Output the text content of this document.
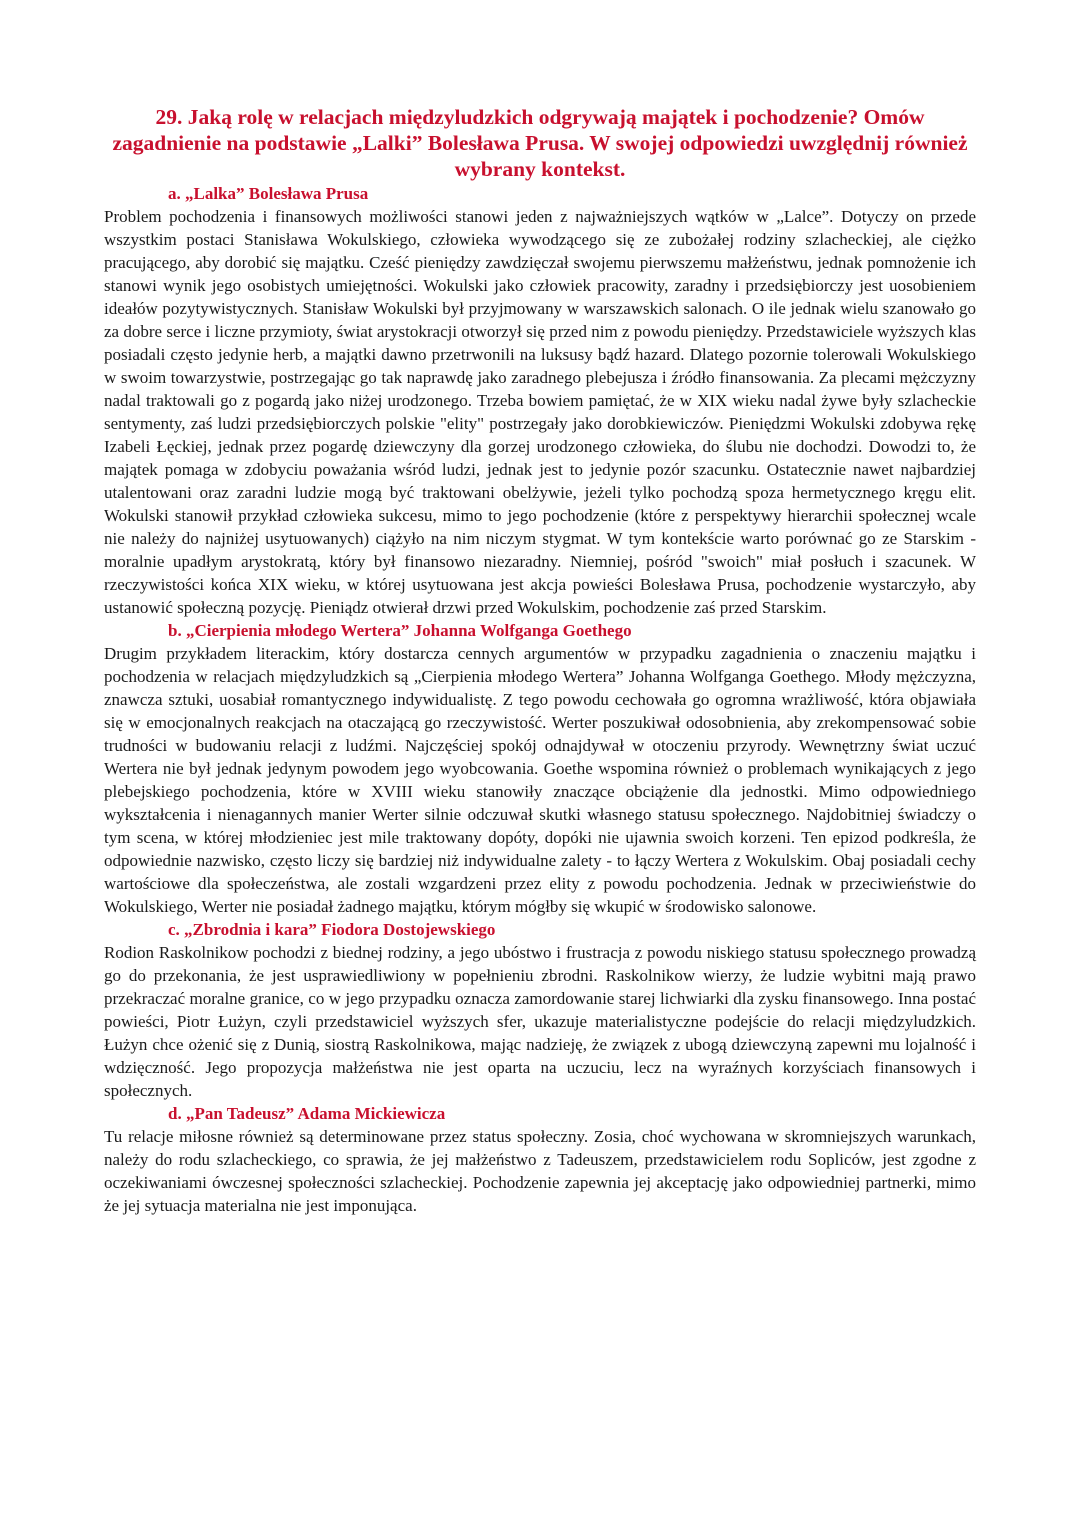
29. Jaką rolę w relacjach międzyludzkich odgrywają majątek i pochodzenie? Omów zagadnienie na podstawie „Lalki” Bolesława Prusa. W swojej odpowiedzi uwzględnij również wybrany kontekst.
a. „Lalka” Bolesława Prusa

Problem pochodzenia i finansowych możliwości stanowi jeden z najważniejszych wątków w „Lalce”. Dotyczy on przede wszystkim postaci Stanisława Wokulskiego, człowieka wywodzącego się ze zubożałej rodziny szlacheckiej, ale ciężko pracującego, aby dorobić się majątku. Cześć pieniędzy zawdzięczał swojemu pierwszemu małżeństwu, jednak pomnożenie ich stanowi wynik jego osobistych umiejętności. Wokulski jako człowiek pracowity, zaradny i przedsiębiorczy jest uosobieniem ideałów pozytywistycznych. Stanisław Wokulski był przyjmowany w warszawskich salonach. O ile jednak wielu szanowało go za dobre serce i liczne przymioty, świat arystokracji otworzył się przed nim z powodu pieniędzy. Przedstawiciele wyższych klas posiadali często jedynie herb, a majątki dawno przetrwonili na luksusy bądź hazard. Dlatego pozornie tolerowali Wokulskiego w swoim towarzystwie, postrzegając go tak naprawdę jako zaradnego plebejusza i źródło finansowania. Za plecami mężczyzny nadal traktowali go z pogardą jako niżej urodzonego. Trzeba bowiem pamiętać, że w XIX wieku nadal żywe były szlacheckie sentymenty, zaś ludzi przedsiębiorczych polskie "elity" postrzegały jako dorobkiewiczów. Pieniędzmi Wokulski zdobywa rękę Izabeli Łęckiej, jednak przez pogardę dziewczyny dla gorzej urodzonego człowieka, do ślubu nie dochodzi. Dowodzi to, że majątek pomaga w zdobyciu poważania wśród ludzi, jednak jest to jedynie pozór szacunku. Ostatecznie nawet najbardziej utalentowani oraz zaradni ludzie mogą być traktowani obelżywie, jeżeli tylko pochodzą spoza hermetycznego kręgu elit. Wokulski stanowił przykład człowieka sukcesu, mimo to jego pochodzenie (które z perspektywy hierarchii społecznej wcale nie należy do najniżej usytuowanych) ciążyło na nim niczym stygmat. W tym kontekście warto porównać go ze Starskim - moralnie upadłym arystokratą, który był finansowo niezaradny. Niemniej, pośród "swoich" miał posłuch i szacunek. W rzeczywistości końca XIX wieku, w której usytuowana jest akcja powieści Bolesława Prusa, pochodzenie wystarczyło, aby ustanowić społeczną pozycję. Pieniądz otwierał drzwi przed Wokulskim, pochodzenie zaś przed Starskim.

b. „Cierpienia młodego Wertera” Johanna Wolfganga Goethego

Drugim przykładem literackim, który dostarcza cennych argumentów w przypadku zagadnienia o znaczeniu majątku i pochodzenia w relacjach międzyludzkich są „Cierpienia młodego Wertera” Johanna Wolfganga Goethego. Młody mężczyzna, znawcza sztuki, uosabiał romantycznego indywidualistę. Z tego powodu cechowała go ogromna wrażliwość, która objawiała się w emocjonalnych reakcjach na otaczającą go rzeczywistość. Werter poszukiwał odosobnienia, aby zrekompensować sobie trudności w budowaniu relacji z ludźmi. Najczęściej spokój odnajdywał w otoczeniu przyrody. Wewnętrzny świat uczuć Wertera nie był jednak jedynym powodem jego wyobcowania. Goethe wspomina również o problemach wynikających z jego plebejskiego pochodzenia, które w XVIII wieku stanowiły znaczące obciążenie dla jednostki. Mimo odpowiedniego wykształcenia i nienagannych manier Werter silnie odczuwał skutki własnego statusu społecznego. Najdobitniej świadczy o tym scena, w której młodzieniec jest mile traktowany dopóty, dopóki nie ujawnia swoich korzeni. Ten epizod podkreśla, że odpowiednie nazwisko, często liczy się bardziej niż indywidualne zalety - to łączy Wertera z Wokulskim. Obaj posiadali cechy wartościowe dla społeczeństwa, ale zostali wzgardzeni przez elity z powodu pochodzenia. Jednak w przeciwieństwie do Wokulskiego, Werter nie posiadał żadnego majątku, którym mógłby się wkupić w środowisko salonowe.

c. „Zbrodnia i kara” Fiodora Dostojewskiego

Rodion Raskolnikow pochodzi z biednej rodziny, a jego ubóstwo i frustracja z powodu niskiego statusu społecznego prowadzą go do przekonania, że jest usprawiedliwiony w popełnieniu zbrodni. Raskolnikow wierzy, że ludzie wybitni mają prawo przekraczać moralne granice, co w jego przypadku oznacza zamordowanie starej lichwiarki dla zysku finansowego. Inna postać powieści, Piotr Łużyn, czyli przedstawiciel wyższych sfer, ukazuje materialistyczne podejście do relacji międzyludzkich. Łużyn chce ożenić się z Dunią, siostrą Raskolnikowa, mając nadzieję, że związek z ubogą dziewczyną zapewni mu lojalność i wdzięczność. Jego propozycja małżeństwa nie jest oparta na uczuciu, lecz na wyraźnych korzyściach finansowych i społecznych.

d. „Pan Tadeusz” Adama Mickiewicza

Tu relacje miłosne również są determinowane przez status społeczny. Zosia, choć wychowana w skromniejszych warunkach, należy do rodu szlacheckiego, co sprawia, że jej małżeństwo z Tadeuszem, przedstawicielem rodu Sopliców, jest zgodne z oczekiwaniami ówczesnej społeczności szlacheckiej. Pochodzenie zapewnia jej akceptację jako odpowiedniej partnerki, mimo że jej sytuacja materialna nie jest imponująca.
